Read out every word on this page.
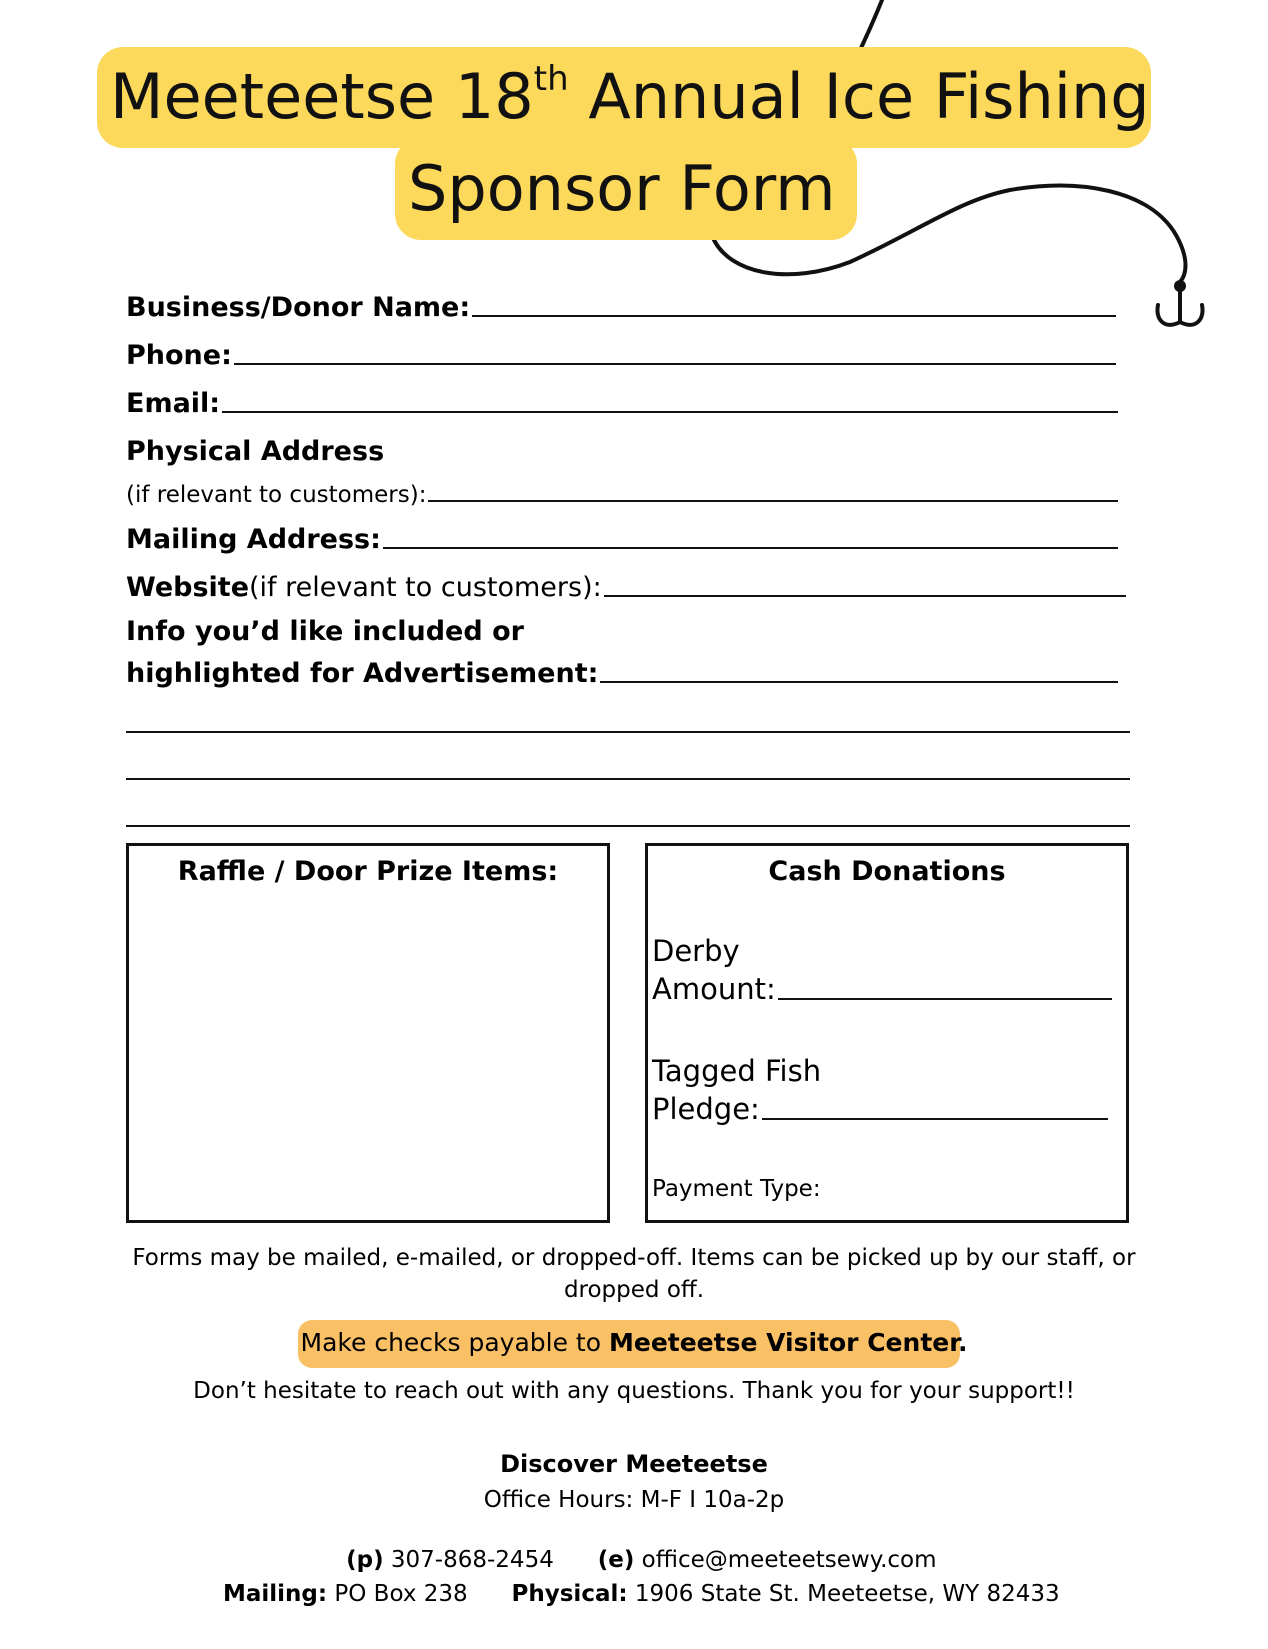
Meeteetse 18th Annual Ice Fishing
Sponsor Form
Business/Donor Name:
Phone:
Email:
Physical Address
(if relevant to customers):
Mailing Address:
Website (if relevant to customers):
Info you’d like included or
highlighted for Advertisement:
Raffle / Door Prize Items:	Cash Donations
Derby
Amount:
Tagged Fish
Pledge:
Payment Type:
Forms may be mailed, e-mailed, or dropped-off. Items can be picked up by our staff, or
dropped off.
Make checks payable to Meeteetse Visitor Center.
Don’t hesitate to reach out with any questions. Thank you for your support!!
Discover Meeteetse
Office Hours: M-F I 10a-2p

(p) 307-868-2454 (e) office@meeteetsewy.com

Mailing: PO Box 238 Physical: 1906 State St. Meeteetse, WY 82433
